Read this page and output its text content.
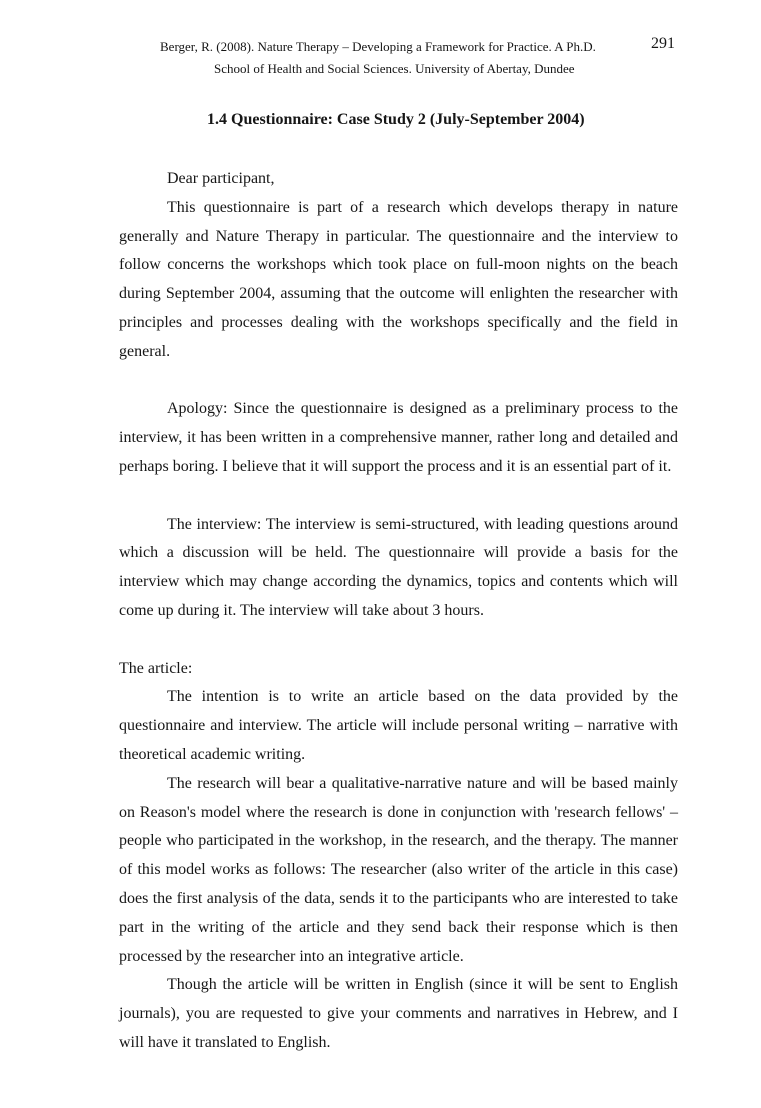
Berger, R. (2008). Nature Therapy – Developing a Framework for Practice. A Ph.D.	291
School of Health and Social Sciences. University of Abertay, Dundee
1.4 Questionnaire: Case Study 2 (July-September 2004)

Dear participant,

This questionnaire is part of a research which develops therapy in nature generally and Nature Therapy in particular. The questionnaire and the interview to follow concerns the workshops which took place on full-moon nights on the beach during September 2004, assuming that the outcome will enlighten the researcher with principles and processes dealing with the workshops specifically and the field in general.

Apology: Since the questionnaire is designed as a preliminary process to the interview, it has been written in a comprehensive manner, rather long and detailed and perhaps boring. I believe that it will support the process and it is an essential part of it.

The interview: The interview is semi-structured, with leading questions around which a discussion will be held. The questionnaire will provide a basis for the interview which may change according the dynamics, topics and contents which will come up during it. The interview will take about 3 hours.

The article:

The intention is to write an article based on the data provided by the questionnaire and interview. The article will include personal writing – narrative with theoretical academic writing.

The research will bear a qualitative-narrative nature and will be based mainly on Reason's model where the research is done in conjunction with 'research fellows' – people who participated in the workshop, in the research, and the therapy. The manner of this model works as follows: The researcher (also writer of the article in this case) does the first analysis of the data, sends it to the participants who are interested to take part in the writing of the article and they send back their response which is then processed by the researcher into an integrative article.

Though the article will be written in English (since it will be sent to English journals), you are requested to give your comments and narratives in Hebrew, and I will have it translated to English.
